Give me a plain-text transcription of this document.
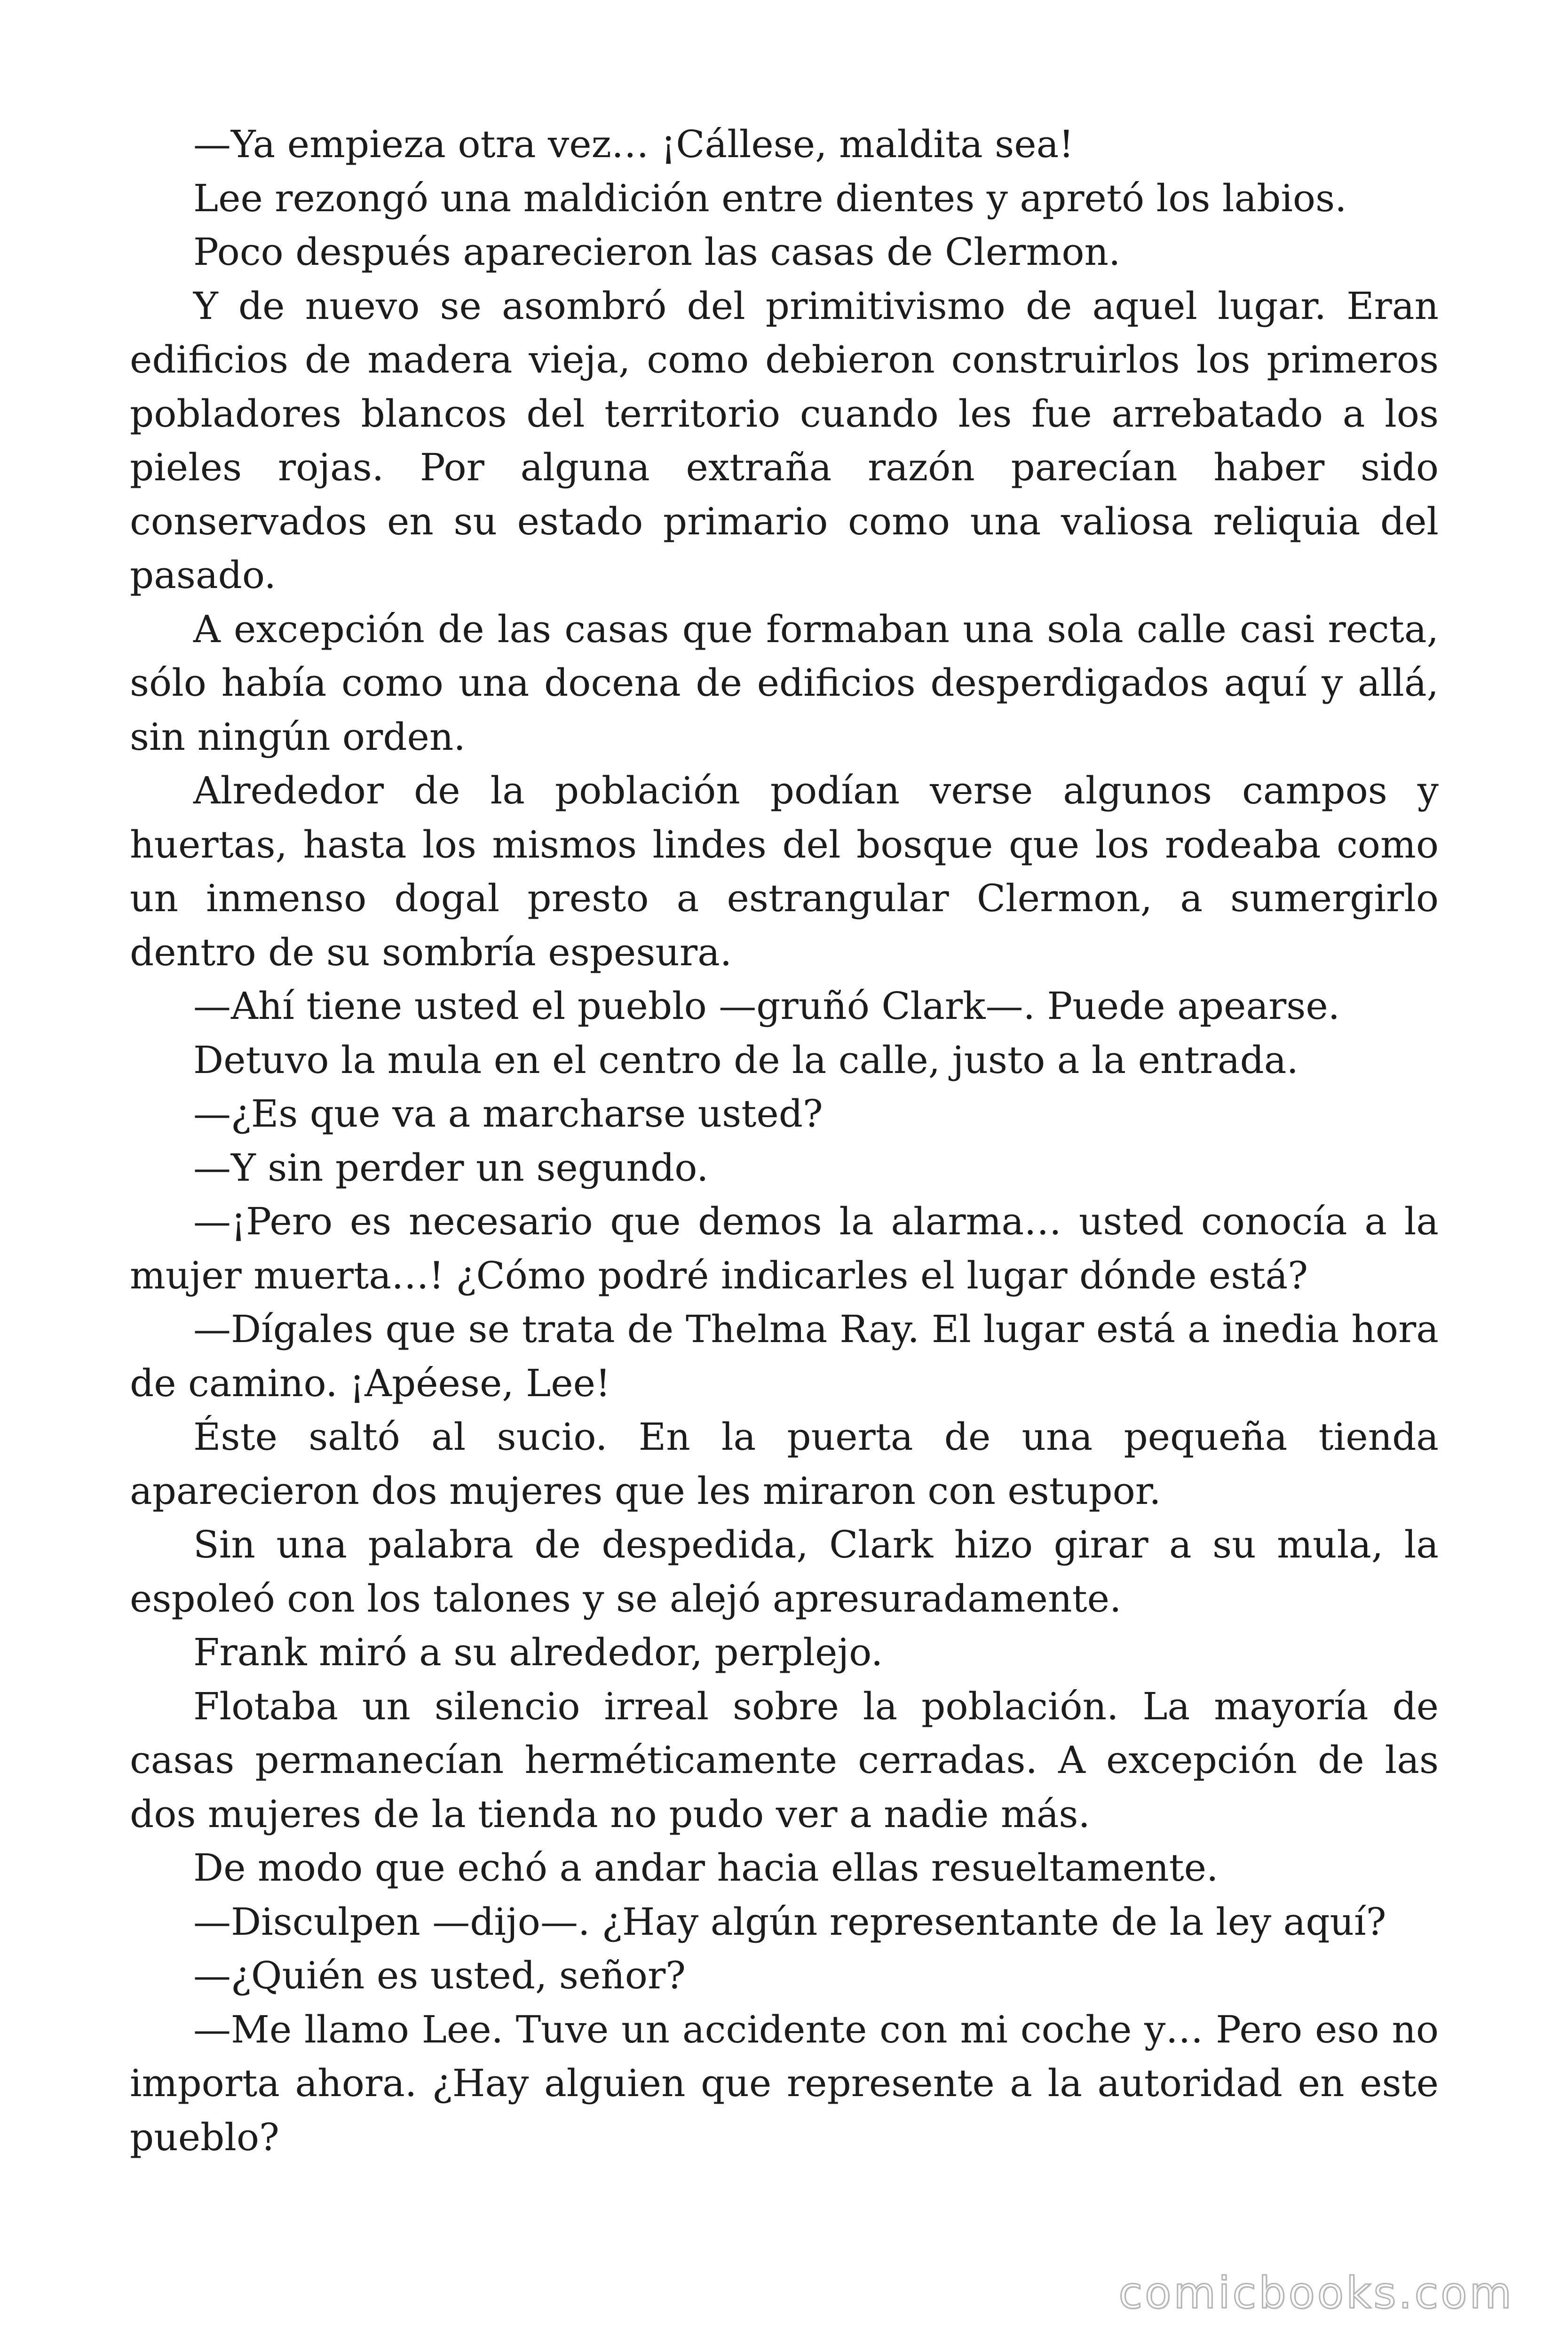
—Ya empieza otra vez… ¡Cállese, maldita sea!

Lee rezongó una maldición entre dientes y apretó los labios.

Poco después aparecieron las casas de Clermon.

Y de nuevo se asombró del primitivismo de aquel lugar. Eran edificios de madera vieja, como debieron construirlos los primeros pobladores blancos del territorio cuando les fue arrebatado a los pieles rojas. Por alguna extraña razón parecían haber sido conservados en su estado primario como una valiosa reliquia del pasado.

A excepción de las casas que formaban una sola calle casi recta, sólo había como una docena de edificios desperdigados aquí y allá, sin ningún orden.

Alrededor de la población podían verse algunos campos y huertas, hasta los mismos lindes del bosque que los rodeaba como un inmenso dogal presto a estrangular Clermon, a sumergirlo dentro de su sombría espesura.

—Ahí tiene usted el pueblo —gruñó Clark—. Puede apearse.

Detuvo la mula en el centro de la calle, justo a la entrada.

—¿Es que va a marcharse usted?

—Y sin perder un segundo.

—¡Pero es necesario que demos la alarma… usted conocía a la mujer muerta…! ¿Cómo podré indicarles el lugar dónde está?

—Dígales que se trata de Thelma Ray. El lugar está a inedia hora de camino. ¡Apéese, Lee!

Éste saltó al sucio. En la puerta de una pequeña tienda aparecieron dos mujeres que les miraron con estupor.

Sin una palabra de despedida, Clark hizo girar a su mula, la espoleó con los talones y se alejó apresuradamente.

Frank miró a su alrededor, perplejo.

Flotaba un silencio irreal sobre la población. La mayoría de casas permanecían herméticamente cerradas. A excepción de las dos mujeres de la tienda no pudo ver a nadie más.

De modo que echó a andar hacia ellas resueltamente.

—Disculpen —dijo—. ¿Hay algún representante de la ley aquí?

—¿Quién es usted, señor?

—Me llamo Lee. Tuve un accidente con mi coche y… Pero eso no importa ahora. ¿Hay alguien que represente a la autoridad en este pueblo?

comicbooks.com
